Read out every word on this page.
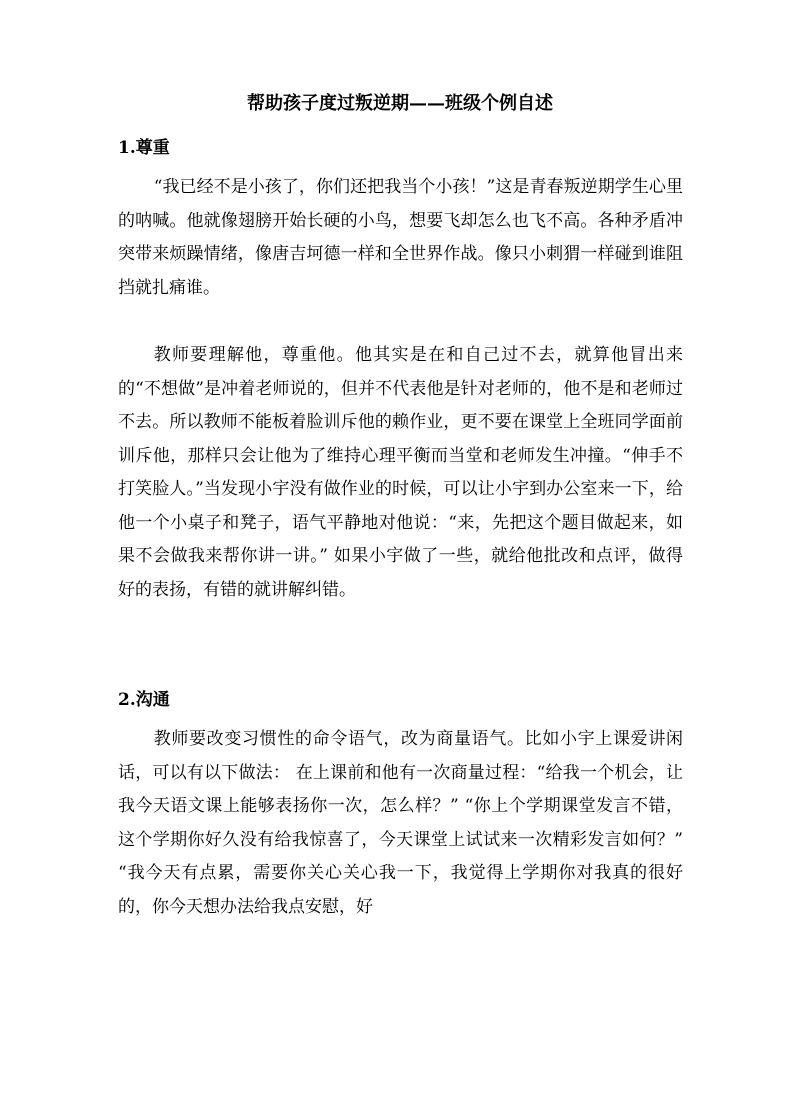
帮助孩子度过叛逆期——班级个例自述
1.尊重

“我已经不是小孩了，你们还把我当个小孩！”这是青春叛逆期学生心里的呐喊。他就像翅膀开始长硬的小鸟，想要飞却怎么也飞不高。各种矛盾冲突带来烦躁情绪，像唐吉坷德一样和全世界作战。像只小刺猬一样碰到谁阻挡就扎痛谁。

教师要理解他，尊重他。他其实是在和自己过不去，就算他冒出来的“不想做”是冲着老师说的，但并不代表他是针对老师的，他不是和老师过不去。所以教师不能板着脸训斥他的赖作业，更不要在课堂上全班同学面前训斥他，那样只会让他为了维持心理平衡而当堂和老师发生冲撞。“伸手不打笑脸人。”当发现小宇没有做作业的时候，可以让小宇到办公室来一下，给他一个小桌子和凳子，语气平静地对他说：“来，先把这个题目做起来，如果不会做我来帮你讲一讲。” 如果小宇做了一些，就给他批改和点评，做得好的表扬，有错的就讲解纠错。

2.沟通

教师要改变习惯性的命令语气，改为商量语气。比如小宇上课爱讲闲话，可以有以下做法： 在上课前和他有一次商量过程：“给我一个机会，让我今天语文课上能够表扬你一次，怎么样？” “你上个学期课堂发言不错，这个学期你好久没有给我惊喜了，今天课堂上试试来一次精彩发言如何？” “我今天有点累，需要你关心关心我一下，我觉得上学期你对我真的很好的，你今天想办法给我点安慰，好
